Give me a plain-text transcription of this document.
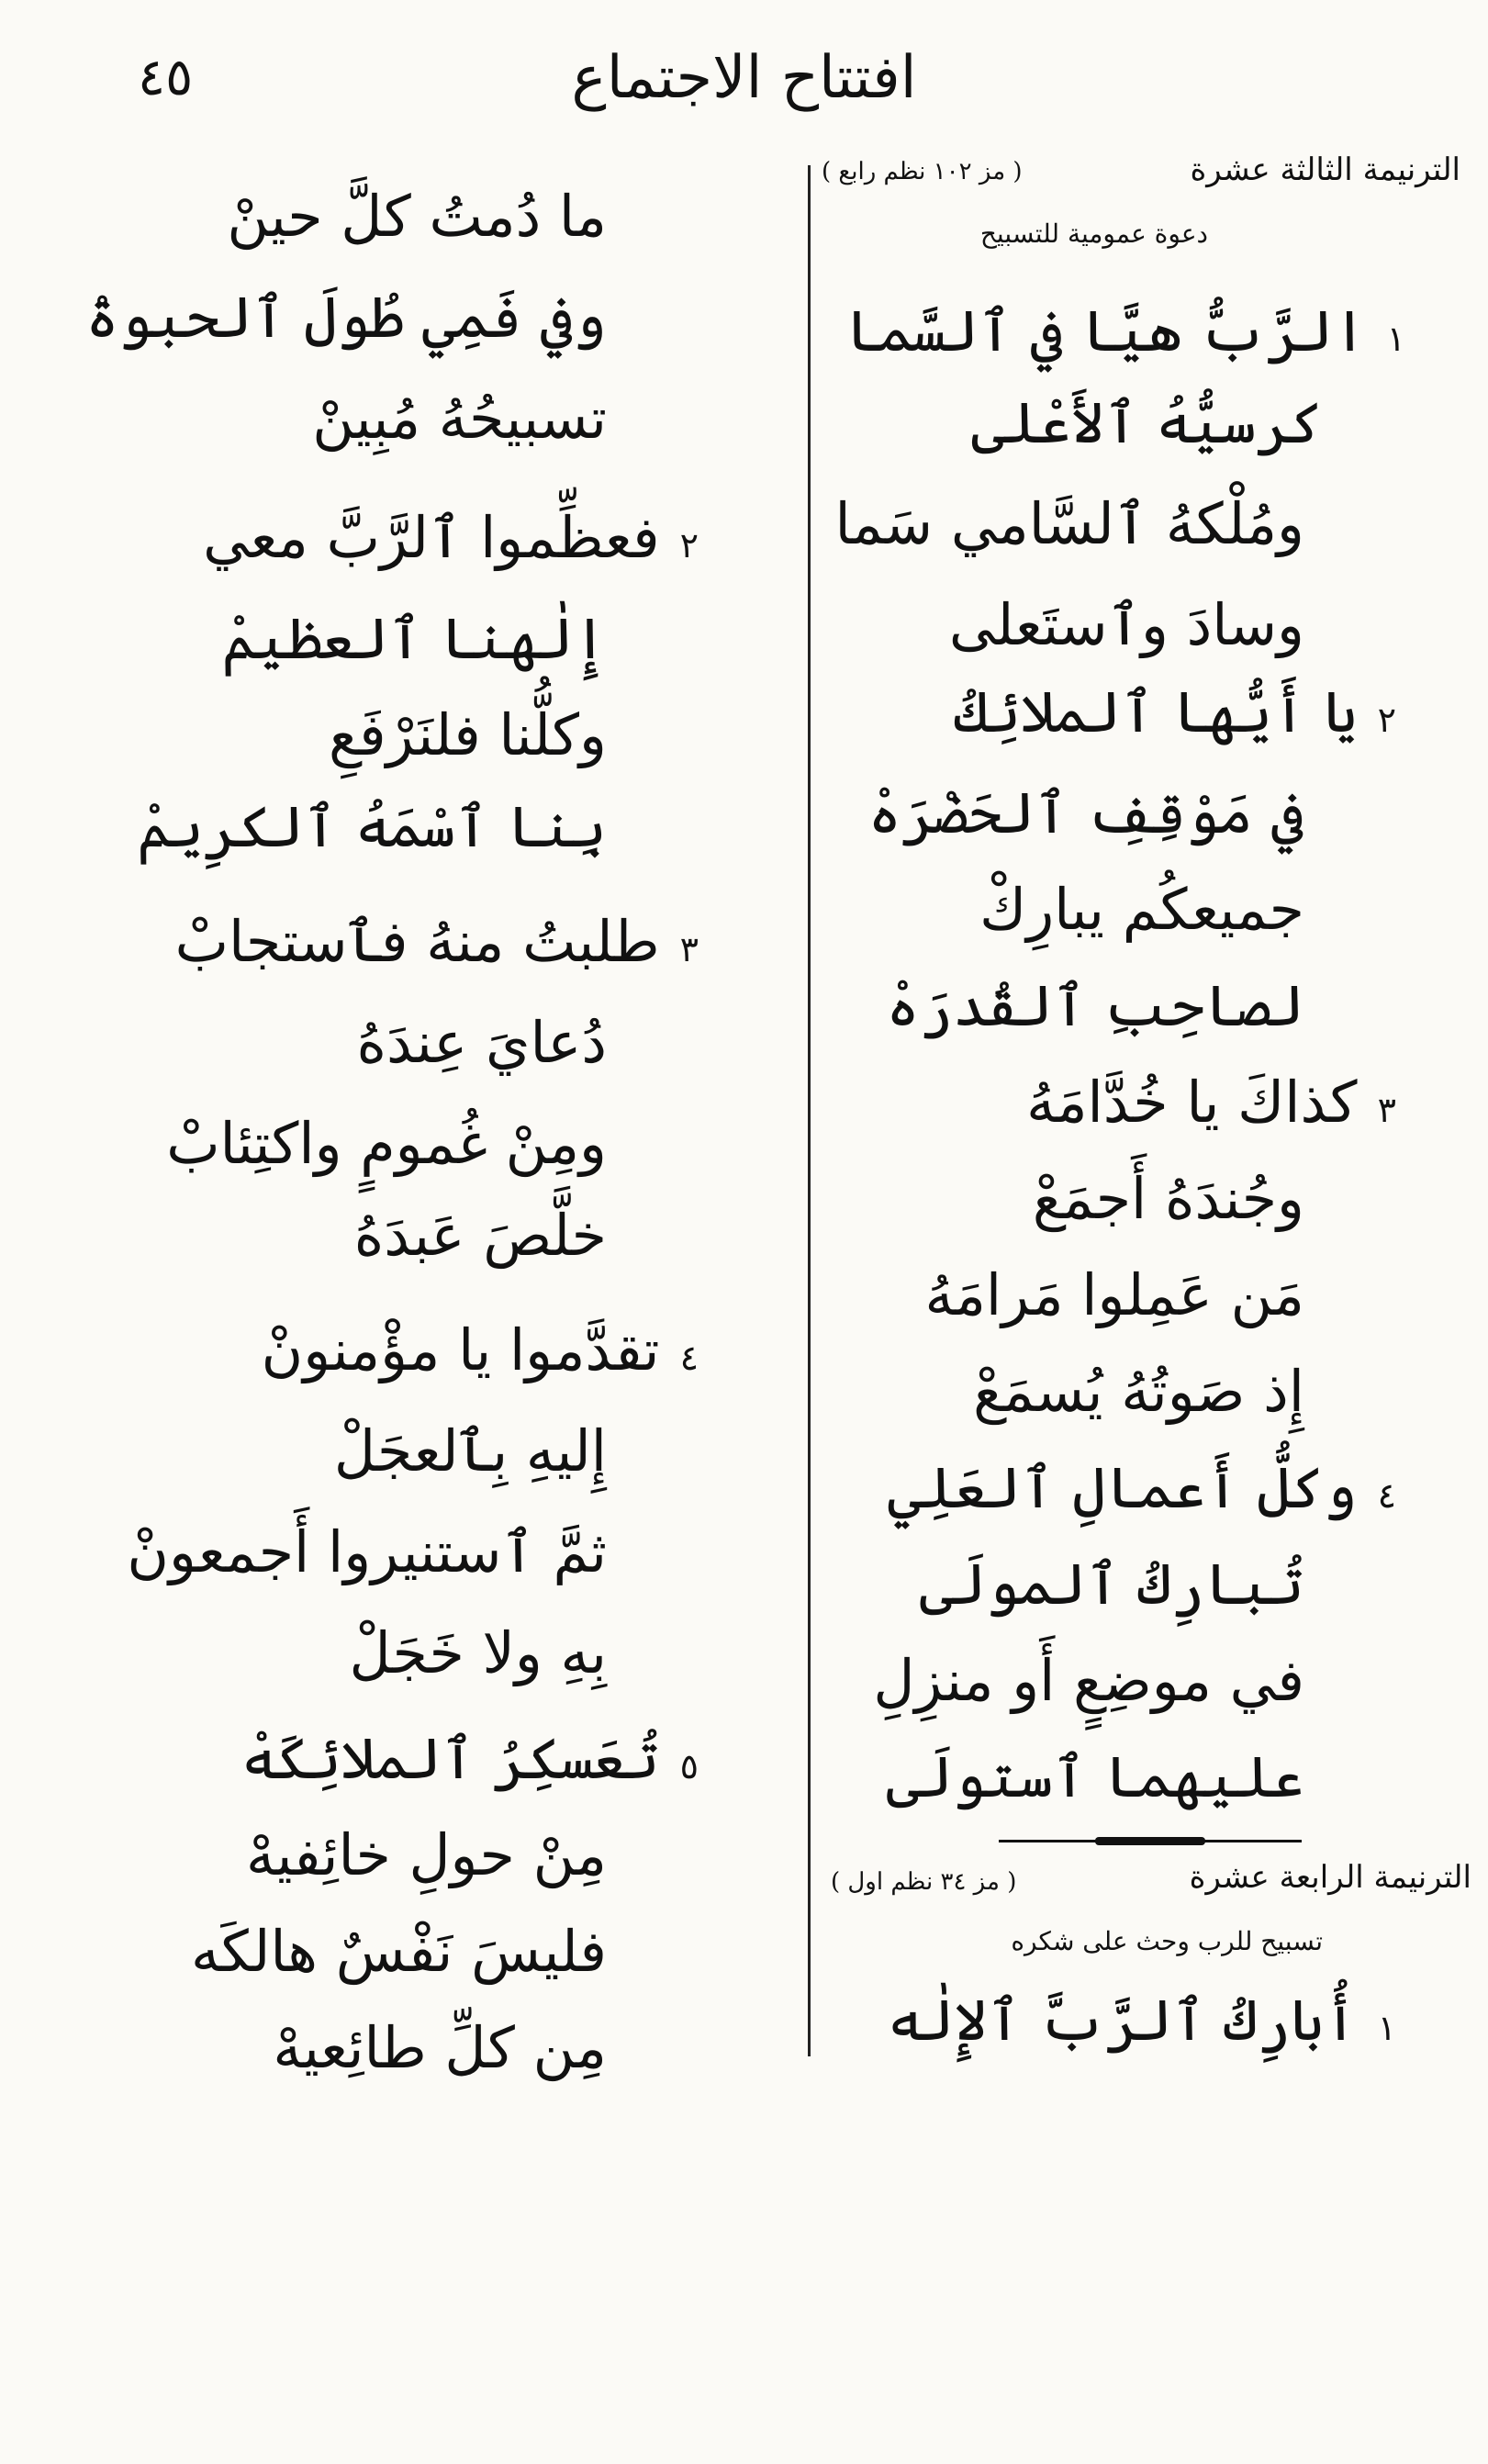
٤٥	افتتاح الاجتماع
الترنيمة الثالثة عشرة
( مز ١٠٢ نظم رابع )
دعوة عمومية للتسبيح
١الرَّبُّ هيَّا في ٱلسَّما
كرسيُّهُ ٱلأَعْلى
ومُلْكهُ ٱلسَّامي سَما
وسادَ وٱستَعلى
٢يا أَيُّها ٱلملائِكُ
في مَوْقِفِ ٱلحَضْرَهْ
جميعكُم يبارِكْ
لصاحِبِ ٱلقُدرَهْ
٣كذاكَ يا خُدَّامَهُ
وجُندَهُ أَجمَعْ
مَن عَمِلوا مَرامَهُ
إِذ صَوتُهُ يُسمَعْ
٤وكلُّ أَعمالِ ٱلعَلِي
تُبارِكُ ٱلمولَى
في موضِعٍ أَو منزِلِ
عليهما ٱستولَى
الترنيمة الرابعة عشرة
( مز ٣٤ نظم اول )
تسبيح للرب وحث على شكره
١أُبارِكُ ٱلرَّبَّ ٱلإِلٰه
ما دُمتُ كلَّ حينْ
وفي فَمِي طُولَ ٱلحبوةْ
تسبيحُهُ مُبِينْ
٢فعظِّموا ٱلرَّبَّ معي
إِلٰهنا ٱلعظيمْ
وكلُّنا فلنَرْفَعِ
بِنا ٱسْمَهُ ٱلكرِيمْ
٣طلبتُ منهُ فٱستجابْ
دُعايَ عِندَهُ
ومِنْ غُمومٍ واكتِئابْ
خلَّصَ عَبدَهُ
٤تقدَّموا يا مؤْمنونْ
إِليهِ بِٱلعجَلْ
ثمَّ ٱستنيروا أَجمعونْ
بِهِ ولا خَجَلْ
٥تُعَسكِرُ ٱلملائِكَهْ
مِنْ حولِ خائِفيهْ
فليسَ نَفْسٌ هالكَه
مِن كلِّ طائِعيهْ
